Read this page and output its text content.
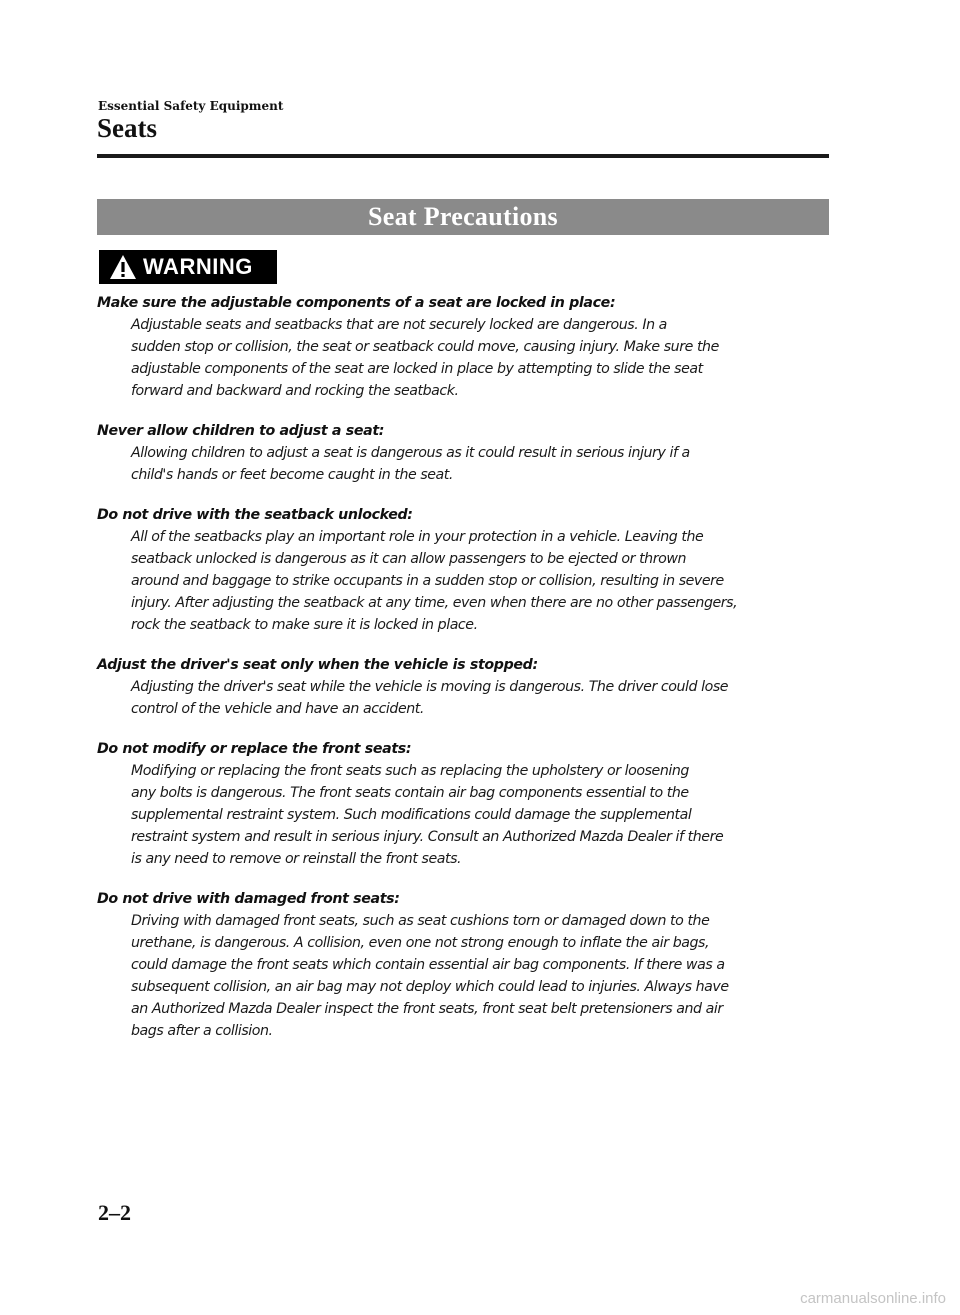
Essential Safety Equipment
Seats
Seat Precautions
WARNING
Make sure the adjustable components of a seat are locked in place:
Adjustable seats and seatbacks that are not securely locked are dangerous. In a
sudden stop or collision, the seat or seatback could move, causing injury. Make sure the
adjustable components of the seat are locked in place by attempting to slide the seat
forward and backward and rocking the seatback.
Never allow children to adjust a seat:
Allowing children to adjust a seat is dangerous as it could result in serious injury if a
child's hands or feet become caught in the seat.
Do not drive with the seatback unlocked:
All of the seatbacks play an important role in your protection in a vehicle. Leaving the
seatback unlocked is dangerous as it can allow passengers to be ejected or thrown
around and baggage to strike occupants in a sudden stop or collision, resulting in severe
injury. After adjusting the seatback at any time, even when there are no other passengers,
rock the seatback to make sure it is locked in place.
Adjust the driver's seat only when the vehicle is stopped:
Adjusting the driver's seat while the vehicle is moving is dangerous. The driver could lose
control of the vehicle and have an accident.
Do not modify or replace the front seats:
Modifying or replacing the front seats such as replacing the upholstery or loosening
any bolts is dangerous. The front seats contain air bag components essential to the
supplemental restraint system. Such modifications could damage the supplemental
restraint system and result in serious injury. Consult an Authorized Mazda Dealer if there
is any need to remove or reinstall the front seats.
Do not drive with damaged front seats:
Driving with damaged front seats, such as seat cushions torn or damaged down to the
urethane, is dangerous. A collision, even one not strong enough to inflate the air bags,
could damage the front seats which contain essential air bag components. If there was a
subsequent collision, an air bag may not deploy which could lead to injuries. Always have
an Authorized Mazda Dealer inspect the front seats, front seat belt pretensioners and air
bags after a collision.
2–2
carmanualsonline.info
